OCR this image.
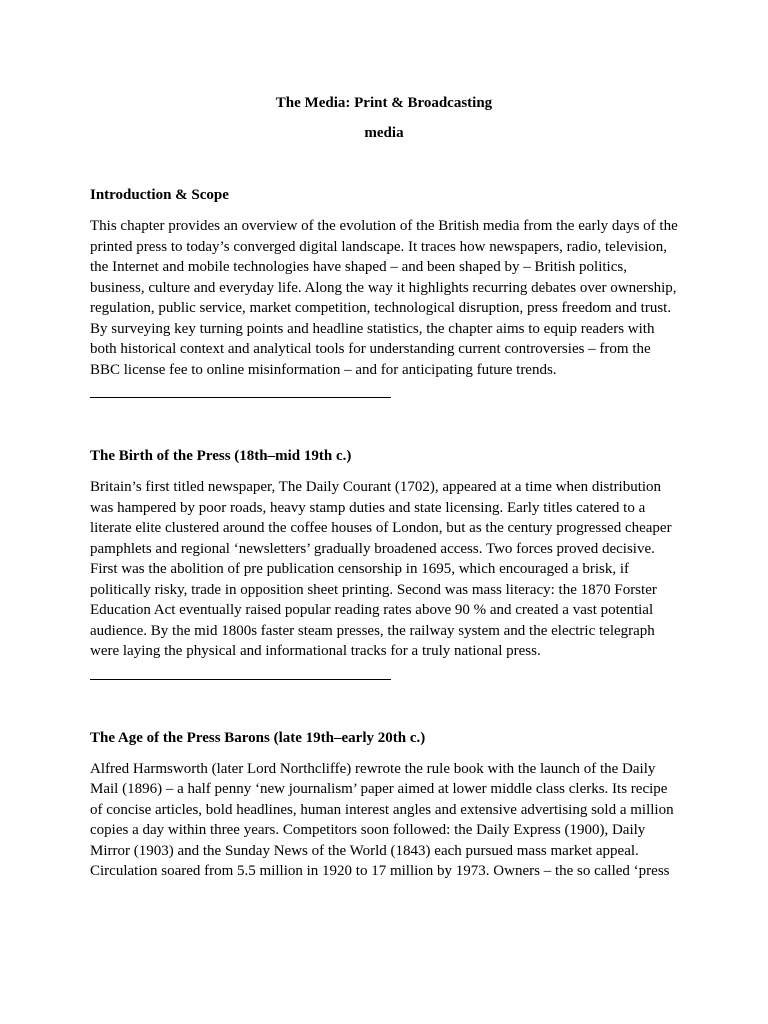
The Media: Print & Broadcasting

media

Introduction & Scope

This chapter provides an overview of the evolution of the British media from the early days of the printed press to today’s converged digital landscape. It traces how newspapers, radio, television, the Internet and mobile technologies have shaped – and been shaped by – British politics, business, culture and everyday life. Along the way it highlights recurring debates over ownership, regulation, public service, market competition, technological disruption, press freedom and trust. By surveying key turning points and headline statistics, the chapter aims to equip readers with both historical context and analytical tools for understanding current controversies – from the BBC license fee to online misinformation – and for anticipating future trends.

The Birth of the Press (18th–mid 19th c.)

Britain’s first titled newspaper, The Daily Courant (1702), appeared at a time when distribution was hampered by poor roads, heavy stamp duties and state licensing. Early titles catered to a literate elite clustered around the coffee houses of London, but as the century progressed cheaper pamphlets and regional ‘newsletters’ gradually broadened access. Two forces proved decisive. First was the abolition of pre publication censorship in 1695, which encouraged a brisk, if politically risky, trade in opposition sheet printing. Second was mass literacy: the 1870 Forster Education Act eventually raised popular reading rates above 90 % and created a vast potential audience. By the mid 1800s faster steam presses, the railway system and the electric telegraph were laying the physical and informational tracks for a truly national press.

The Age of the Press Barons (late 19th–early 20th c.)

Alfred Harmsworth (later Lord Northcliffe) rewrote the rule book with the launch of the Daily Mail (1896) – a half penny ‘new journalism’ paper aimed at lower middle class clerks. Its recipe of concise articles, bold headlines, human interest angles and extensive advertising sold a million copies a day within three years. Competitors soon followed: the Daily Express (1900), Daily Mirror (1903) and the Sunday News of the World (1843) each pursued mass market appeal. Circulation soared from 5.5 million in 1920 to 17 million by 1973. Owners – the so called ‘press
